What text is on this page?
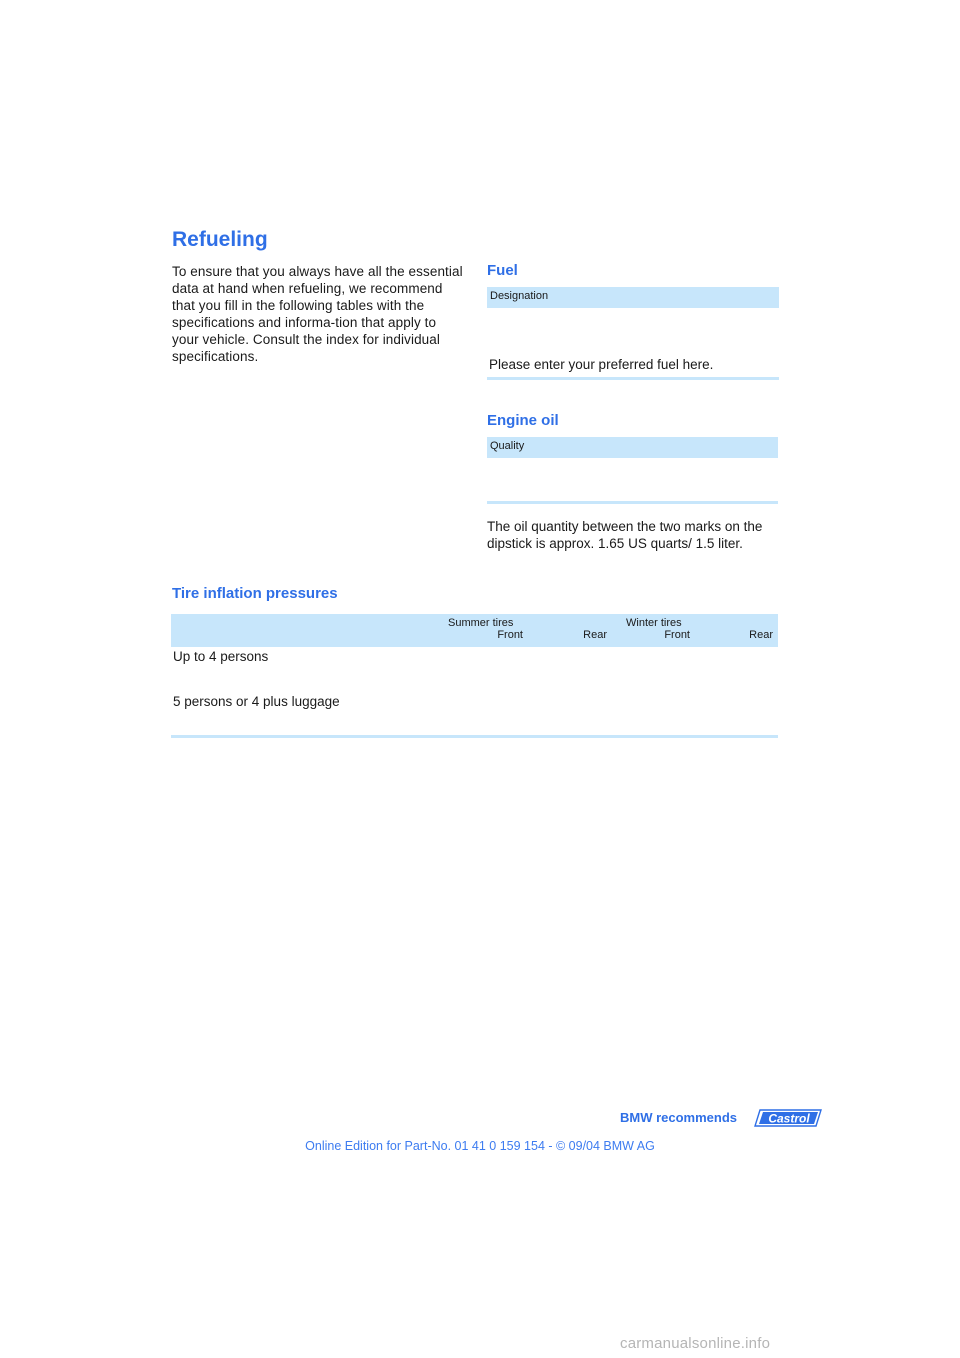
Refueling
To ensure that you always have all the essential data at hand when refueling, we recommend that you fill in the following tables with the specifications and informa-tion that apply to your vehicle. Consult the index for individual specifications.
Fuel
Designation
Please enter your preferred fuel here.
Engine oil
Quality
The oil quantity between the two marks on the dipstick is approx. 1.65 US quarts/ 1.5 liter.
Tire inflation pressures
Summer tires	Winter tires
Front	Rear	Front	Rear
Up to 4 persons
5 persons or 4 plus luggage
BMW recommends	Castrol
Online Edition for Part-No. 01 41 0 159 154 - © 09/04 BMW AG
carmanualsonline.info
